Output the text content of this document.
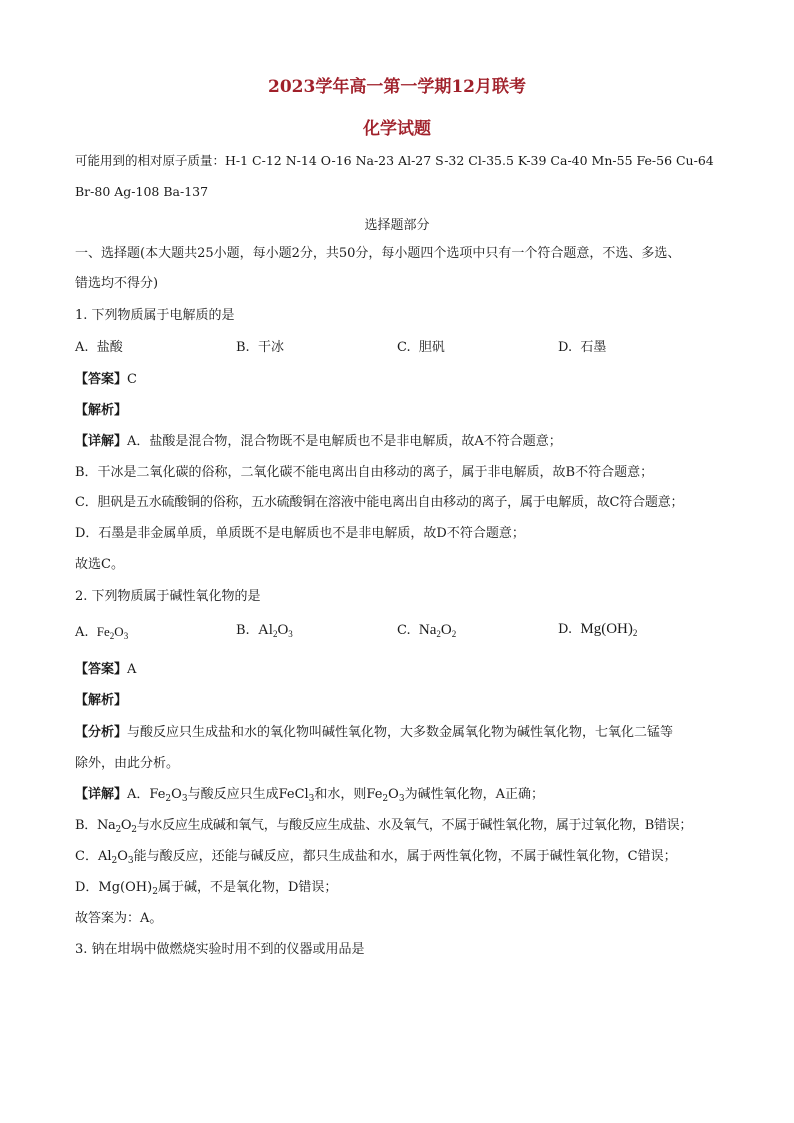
2023学年高一第一学期12月联考
化学试题
可能用到的相对原子质量：H-1 C-12 N-14 O-16 Na-23 Al-27 S-32 Cl-35.5 K-39 Ca-40 Mn-55 Fe-56 Cu-64
Br-80 Ag-108 Ba-137
选择题部分
一、选择题(本大题共25小题，每小题2分，共50分，每小题四个选项中只有一个符合题意，不选、多选、
错选均不得分)
1. 下列物质属于电解质的是
A. 盐酸	B. 干冰	C. 胆矾	D. 石墨
【答案】C
【解析】
【详解】A．盐酸是混合物，混合物既不是电解质也不是非电解质，故A不符合题意；
B．干冰是二氧化碳的俗称，二氧化碳不能电离出自由移动的离子，属于非电解质，故B不符合题意；
C．胆矾是五水硫酸铜的俗称，五水硫酸铜在溶液中能电离出自由移动的离子，属于电解质，故C符合题意；
D．石墨是非金属单质，单质既不是电解质也不是非电解质，故D不符合题意；
故选C。
2. 下列物质属于碱性氧化物的是
A. $Fe_2O_3$	B. $Al_2O_3$	C. $Na_2O_2$	D. $Mg(OH)_2$
【答案】A
【解析】
【分析】与酸反应只生成盐和水的氧化物叫碱性氧化物，大多数金属氧化物为碱性氧化物，七氧化二锰等
除外，由此分析。
【详解】A．$Fe_2O_3$与酸反应只生成FeCl$_3$和水，则$Fe_2O_3$为碱性氧化物，A正确；
B．$Na_2O_2$与水反应生成碱和氧气，与酸反应生成盐、水及氧气，不属于碱性氧化物，属于过氧化物，B错误；
C．$Al_2O_3$能与酸反应，还能与碱反应，都只生成盐和水，属于两性氧化物，不属于碱性氧化物，C错误；
D．$Mg(OH)_2$属于碱，不是氧化物，D错误；
故答案为：A。
3. 钠在坩埚中做燃烧实验时用不到的仪器或用品是
